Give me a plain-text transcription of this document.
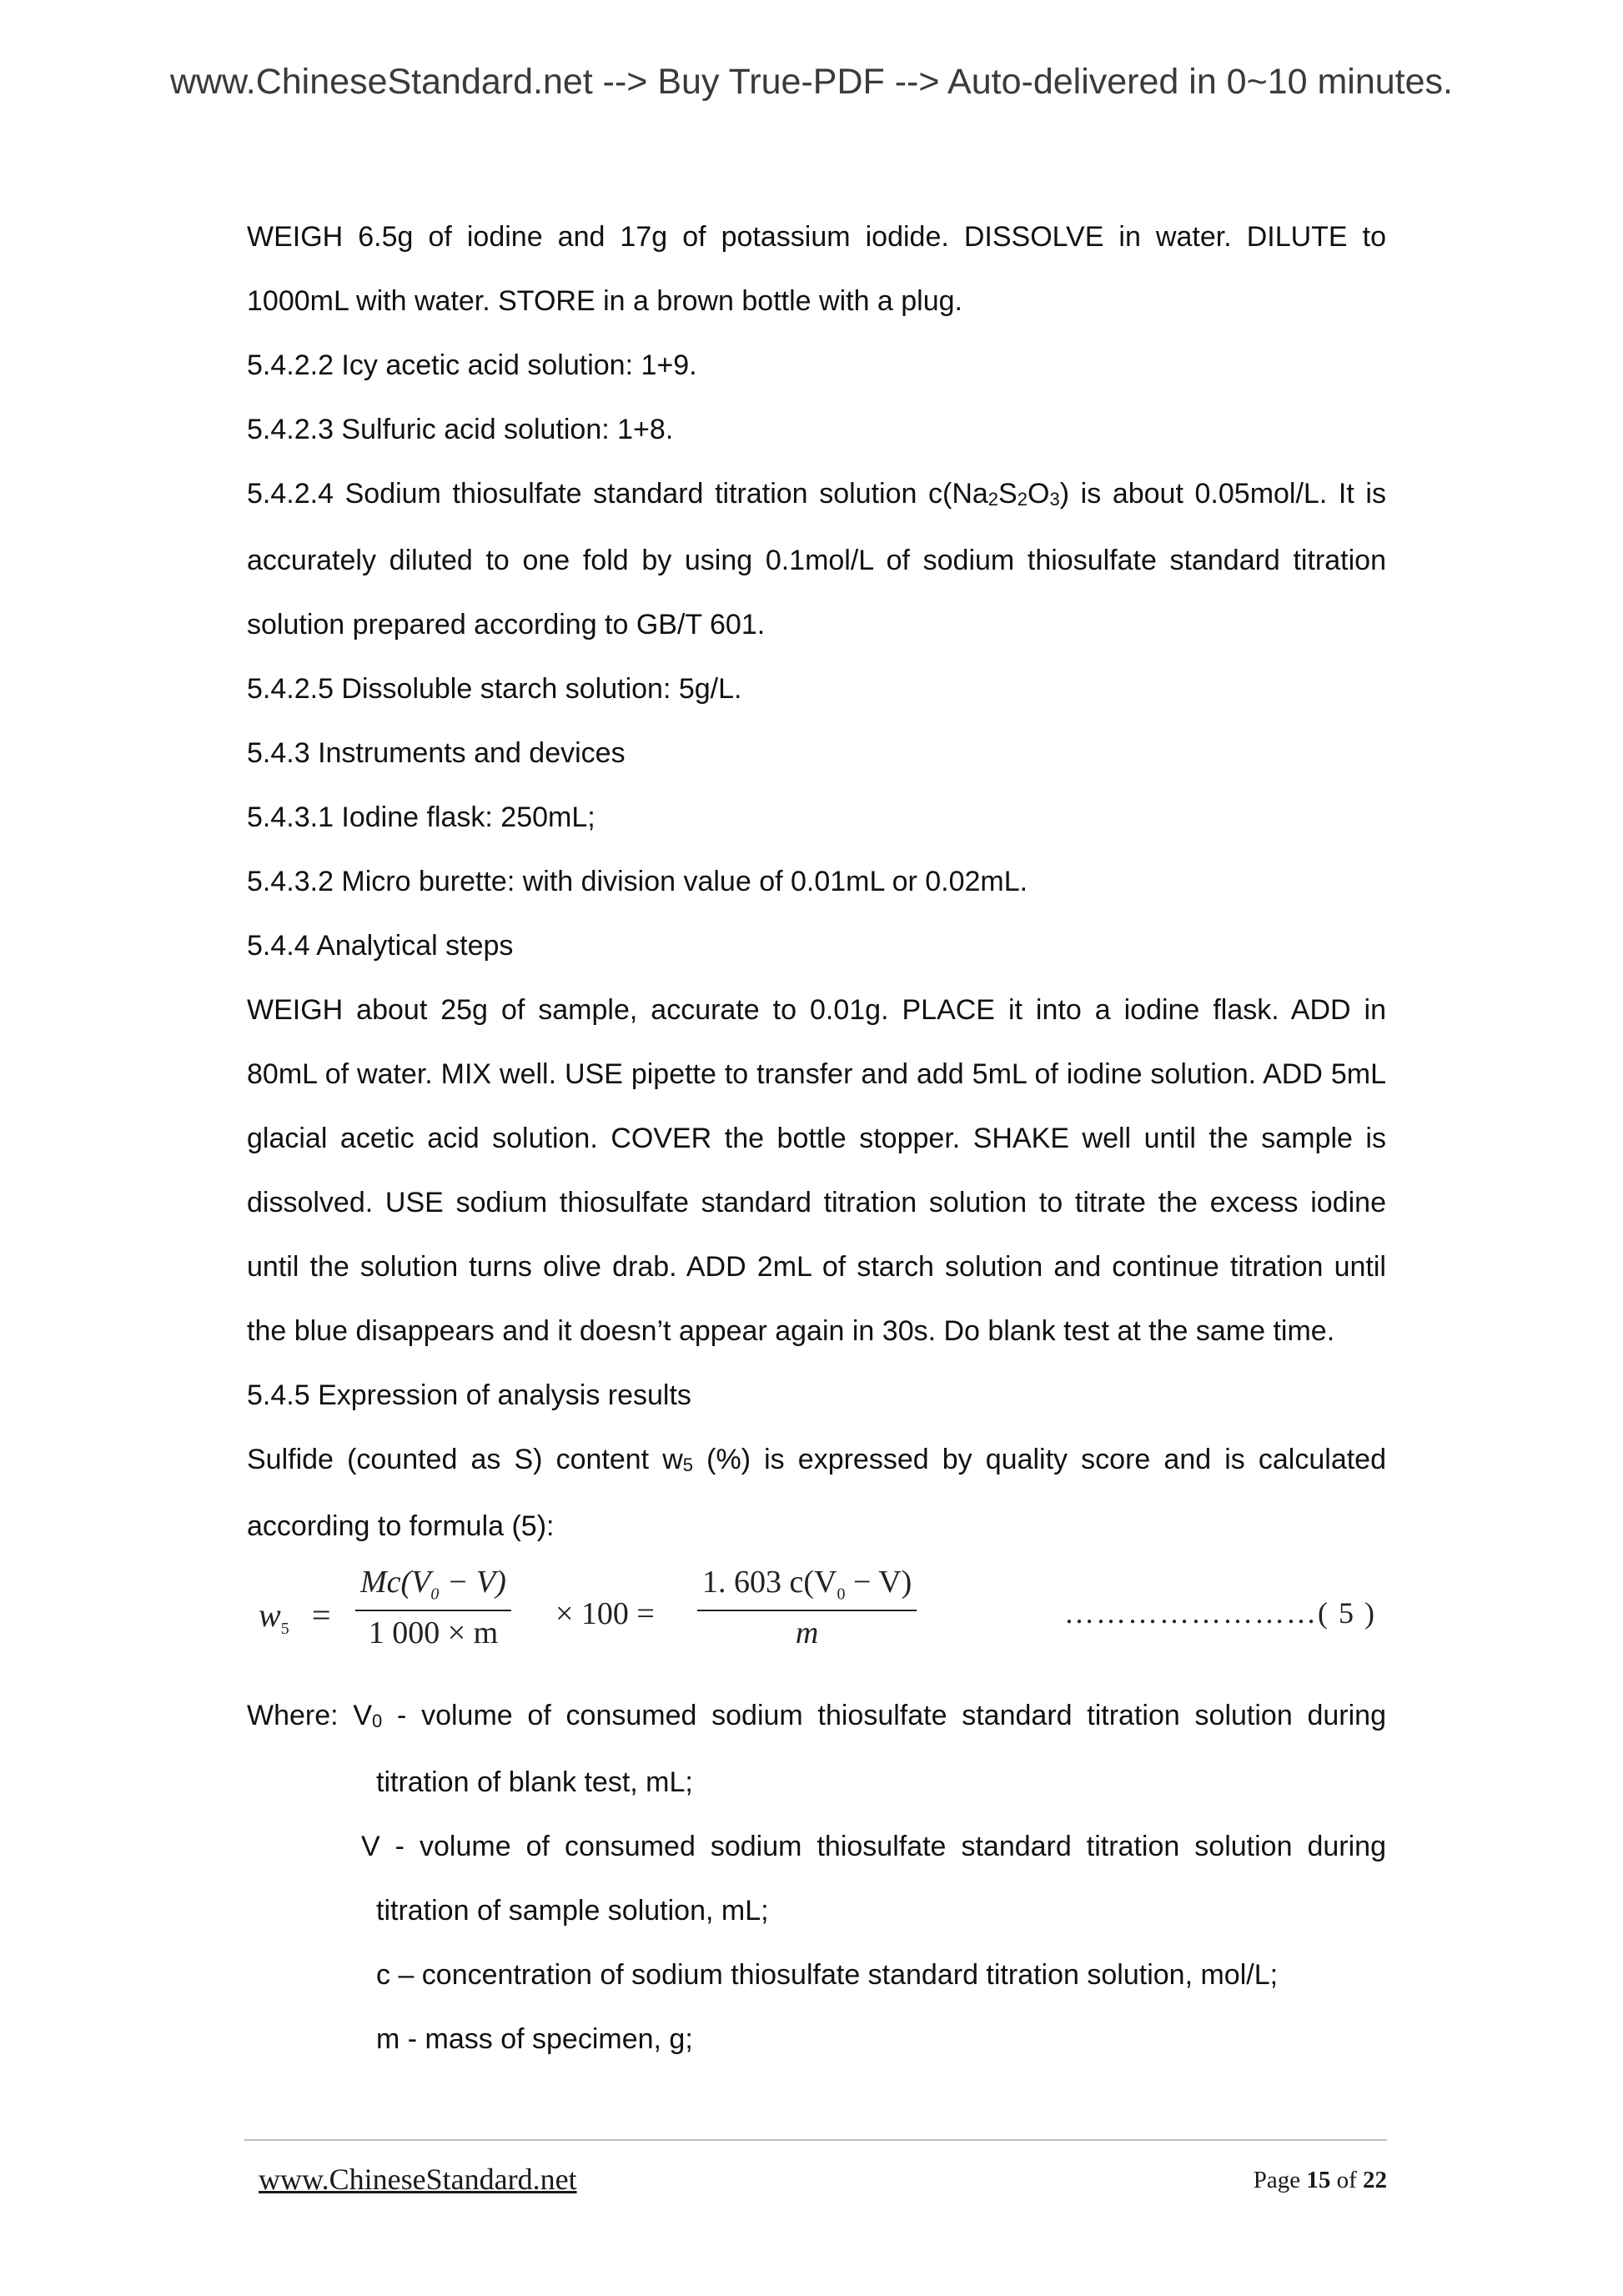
www.ChineseStandard.net --> Buy True-PDF --> Auto-delivered in 0~10 minutes.

WEIGH 6.5g of iodine and 17g of potassium iodide. DISSOLVE in water. DILUTE to

1000mL with water. STORE in a brown bottle with a plug.

5.4.2.2 Icy acetic acid solution: 1+9.

5.4.2.3 Sulfuric acid solution: 1+8.

5.4.2.4 Sodium thiosulfate standard titration solution c(Na2S2O3) is about 0.05mol/L. It is

accurately diluted to one fold by using 0.1mol/L of sodium thiosulfate standard titration

solution prepared according to GB/T 601.

5.4.2.5 Dissoluble starch solution: 5g/L.

5.4.3 Instruments and devices

5.4.3.1 Iodine flask: 250mL;

5.4.3.2 Micro burette: with division value of 0.01mL or 0.02mL.

5.4.4 Analytical steps

WEIGH about 25g of sample, accurate to 0.01g. PLACE it into a iodine flask. ADD in

80mL of water. MIX well. USE pipette to transfer and add 5mL of iodine solution. ADD 5mL

glacial acetic acid solution. COVER the bottle stopper. SHAKE well until the sample is

dissolved. USE sodium thiosulfate standard titration solution to titrate the excess iodine

until the solution turns olive drab. ADD 2mL of starch solution and continue titration until

the blue disappears and it doesn’t appear again in 30s. Do blank test at the same time.

5.4.5 Expression of analysis results

Sulfide (counted as S) content w5 (%) is expressed by quality score and is calculated

according to formula (5):

$w_5 = \frac{Mc(V_0 - V)}{1 000 \times m} \times 100 = \frac{1. 603 c(V_0 - V)}{m}$	……………………( 5 )

Where: V0 - volume of consumed sodium thiosulfate standard titration solution during

titration of blank test, mL;

V - volume of consumed sodium thiosulfate standard titration solution during

titration of sample solution, mL;

c – concentration of sodium thiosulfate standard titration solution, mol/L;

m - mass of specimen, g;

www.ChineseStandard.net	Page 15 of 22
